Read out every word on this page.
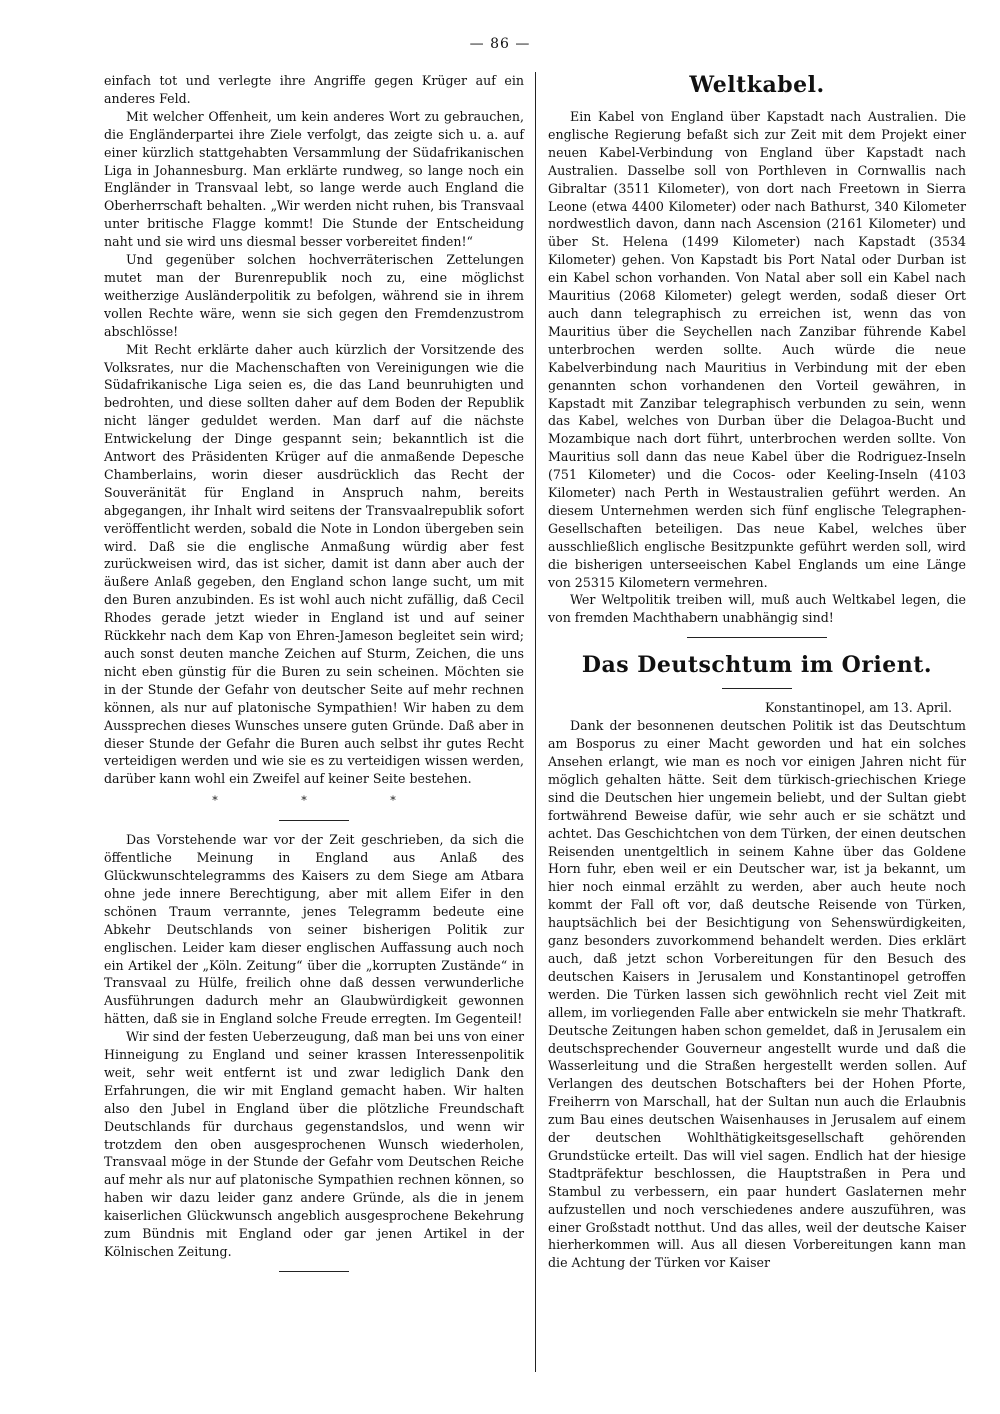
— 86 —

einfach tot und verlegte ihre Angriffe gegen Krüger auf ein anderes Feld.

Mit welcher Offenheit, um kein anderes Wort zu gebrauchen, die Engländerpartei ihre Ziele verfolgt, das zeigte sich u. a. auf einer kürzlich stattgehabten Versammlung der Südafrikanischen Liga in Johannesburg. Man erklärte rundweg, so lange noch ein Engländer in Transvaal lebt, so lange werde auch England die Oberherrschaft behalten. „Wir werden nicht ruhen, bis Transvaal unter britische Flagge kommt! Die Stunde der Entscheidung naht und sie wird uns diesmal besser vorbereitet finden!“

Und gegenüber solchen hochverräterischen Zettelungen mutet man der Burenrepublik noch zu, eine möglichst weitherzige Ausländerpolitik zu befolgen, während sie in ihrem vollen Rechte wäre, wenn sie sich gegen den Fremdenzustrom abschlösse!

Mit Recht erklärte daher auch kürzlich der Vorsitzende des Volksrates, nur die Machenschaften von Vereinigungen wie die Südafrikanische Liga seien es, die das Land beunruhigten und bedrohten, und diese sollten daher auf dem Boden der Republik nicht länger geduldet werden. Man darf auf die nächste Entwickelung der Dinge gespannt sein; bekanntlich ist die Antwort des Präsidenten Krüger auf die anmaßende Depesche Chamberlains, worin dieser ausdrücklich das Recht der Souveränität für England in Anspruch nahm, bereits abgegangen, ihr Inhalt wird seitens der Transvaalrepublik sofort veröffentlicht werden, sobald die Note in London übergeben sein wird. Daß sie die englische Anmaßung würdig aber fest zurückweisen wird, das ist sicher, damit ist dann aber auch der äußere Anlaß gegeben, den England schon lange sucht, um mit den Buren anzubinden. Es ist wohl auch nicht zufällig, daß Cecil Rhodes gerade jetzt wieder in England ist und auf seiner Rückkehr nach dem Kap von Ehren-Jameson begleitet sein wird; auch sonst deuten manche Zeichen auf Sturm, Zeichen, die uns nicht eben günstig für die Buren zu sein scheinen. Möchten sie in der Stunde der Gefahr von deutscher Seite auf mehr rechnen können, als nur auf platonische Sympathien! Wir haben zu dem Aussprechen dieses Wunsches unsere guten Gründe. Daß aber in dieser Stunde der Gefahr die Buren auch selbst ihr gutes Recht verteidigen werden und wie sie es zu verteidigen wissen werden, darüber kann wohl ein Zweifel auf keiner Seite bestehen.

* * *

Das Vorstehende war vor der Zeit geschrieben, da sich die öffentliche Meinung in England aus Anlaß des Glückwunschtelegramms des Kaisers zu dem Siege am Atbara ohne jede innere Berechtigung, aber mit allem Eifer in den schönen Traum verrannte, jenes Telegramm bedeute eine Abkehr Deutschlands von seiner bisherigen Politik zur englischen. Leider kam dieser englischen Auffassung auch noch ein Artikel der „Köln. Zeitung“ über die „korrupten Zustände“ in Transvaal zu Hülfe, freilich ohne daß dessen verwunderliche Ausführungen dadurch mehr an Glaubwürdigkeit gewonnen hätten, daß sie in England solche Freude erregten. Im Gegenteil!

Wir sind der festen Ueberzeugung, daß man bei uns von einer Hinneigung zu England und seiner krassen Interessenpolitik weit, sehr weit entfernt ist und zwar lediglich Dank den Erfahrungen, die wir mit England gemacht haben. Wir halten also den Jubel in England über die plötzliche Freundschaft Deutschlands für durchaus gegenstandslos, und wenn wir trotzdem den oben ausgesprochenen Wunsch wiederholen, Transvaal möge in der Stunde der Gefahr vom Deutschen Reiche auf mehr als nur auf platonische Sympathien rechnen können, so haben wir dazu leider ganz andere Gründe, als die in jenem kaiserlichen Glückwunsch angeblich ausgesprochene Bekehrung zum Bündnis mit England oder gar jenen Artikel in der Kölnischen Zeitung.

Weltkabel.

Ein Kabel von England über Kapstadt nach Australien. Die englische Regierung befaßt sich zur Zeit mit dem Projekt einer neuen Kabel-Verbindung von England über Kapstadt nach Australien. Dasselbe soll von Porthleven in Cornwallis nach Gibraltar (3511 Kilometer), von dort nach Freetown in Sierra Leone (etwa 4400 Kilometer) oder nach Bathurst, 340 Kilometer nordwestlich davon, dann nach Ascension (2161 Kilometer) und über St. Helena (1499 Kilometer) nach Kapstadt (3534 Kilometer) gehen. Von Kapstadt bis Port Natal oder Durban ist ein Kabel schon vorhanden. Von Natal aber soll ein Kabel nach Mauritius (2068 Kilometer) gelegt werden, sodaß dieser Ort auch dann telegraphisch zu erreichen ist, wenn das von Mauritius über die Seychellen nach Zanzibar führende Kabel unterbrochen werden sollte. Auch würde die neue Kabelverbindung nach Mauritius in Verbindung mit der eben genannten schon vorhandenen den Vorteil gewähren, in Kapstadt mit Zanzibar telegraphisch verbunden zu sein, wenn das Kabel, welches von Durban über die Delagoa-Bucht und Mozambique nach dort führt, unterbrochen werden sollte. Von Mauritius soll dann das neue Kabel über die Rodriguez-Inseln (751 Kilometer) und die Cocos- oder Keeling-Inseln (4103 Kilometer) nach Perth in Westaustralien geführt werden. An diesem Unternehmen werden sich fünf englische Telegraphen-Gesellschaften beteiligen. Das neue Kabel, welches über ausschließlich englische Besitzpunkte geführt werden soll, wird die bisherigen unterseeischen Kabel Englands um eine Länge von 25315 Kilometern vermehren.

Wer Weltpolitik treiben will, muß auch Weltkabel legen, die von fremden Machthabern unabhängig sind!

Das Deutschtum im Orient.

Konstantinopel, am 13. April.

Dank der besonnenen deutschen Politik ist das Deutschtum am Bosporus zu einer Macht geworden und hat ein solches Ansehen erlangt, wie man es noch vor einigen Jahren nicht für möglich gehalten hätte. Seit dem türkisch-griechischen Kriege sind die Deutschen hier ungemein beliebt, und der Sultan giebt fortwährend Beweise dafür, wie sehr auch er sie schätzt und achtet. Das Geschichtchen von dem Türken, der einen deutschen Reisenden unentgeltlich in seinem Kahne über das Goldene Horn fuhr, eben weil er ein Deutscher war, ist ja bekannt, um hier noch einmal erzählt zu werden, aber auch heute noch kommt der Fall oft vor, daß deutsche Reisende von Türken, hauptsächlich bei der Besichtigung von Sehenswürdigkeiten, ganz besonders zuvorkommend behandelt werden. Dies erklärt auch, daß jetzt schon Vorbereitungen für den Besuch des deutschen Kaisers in Jerusalem und Konstantinopel getroffen werden. Die Türken lassen sich gewöhnlich recht viel Zeit mit allem, im vorliegenden Falle aber entwickeln sie mehr Thatkraft. Deutsche Zeitungen haben schon gemeldet, daß in Jerusalem ein deutschsprechender Gouverneur angestellt wurde und daß die Wasserleitung und die Straßen hergestellt werden sollen. Auf Verlangen des deutschen Botschafters bei der Hohen Pforte, Freiherrn von Marschall, hat der Sultan nun auch die Erlaubnis zum Bau eines deutschen Waisenhauses in Jerusalem auf einem der deutschen Wohlthätigkeitsgesellschaft gehörenden Grundstücke erteilt. Das will viel sagen. Endlich hat der hiesige Stadtpräfektur beschlossen, die Hauptstraßen in Pera und Stambul zu verbessern, ein paar hundert Gaslaternen mehr aufzustellen und noch verschiedenes andere auszuführen, was einer Großstadt notthut. Und das alles, weil der deutsche Kaiser hierherkommen will. Aus all diesen Vorbereitungen kann man die Achtung der Türken vor Kaiser
